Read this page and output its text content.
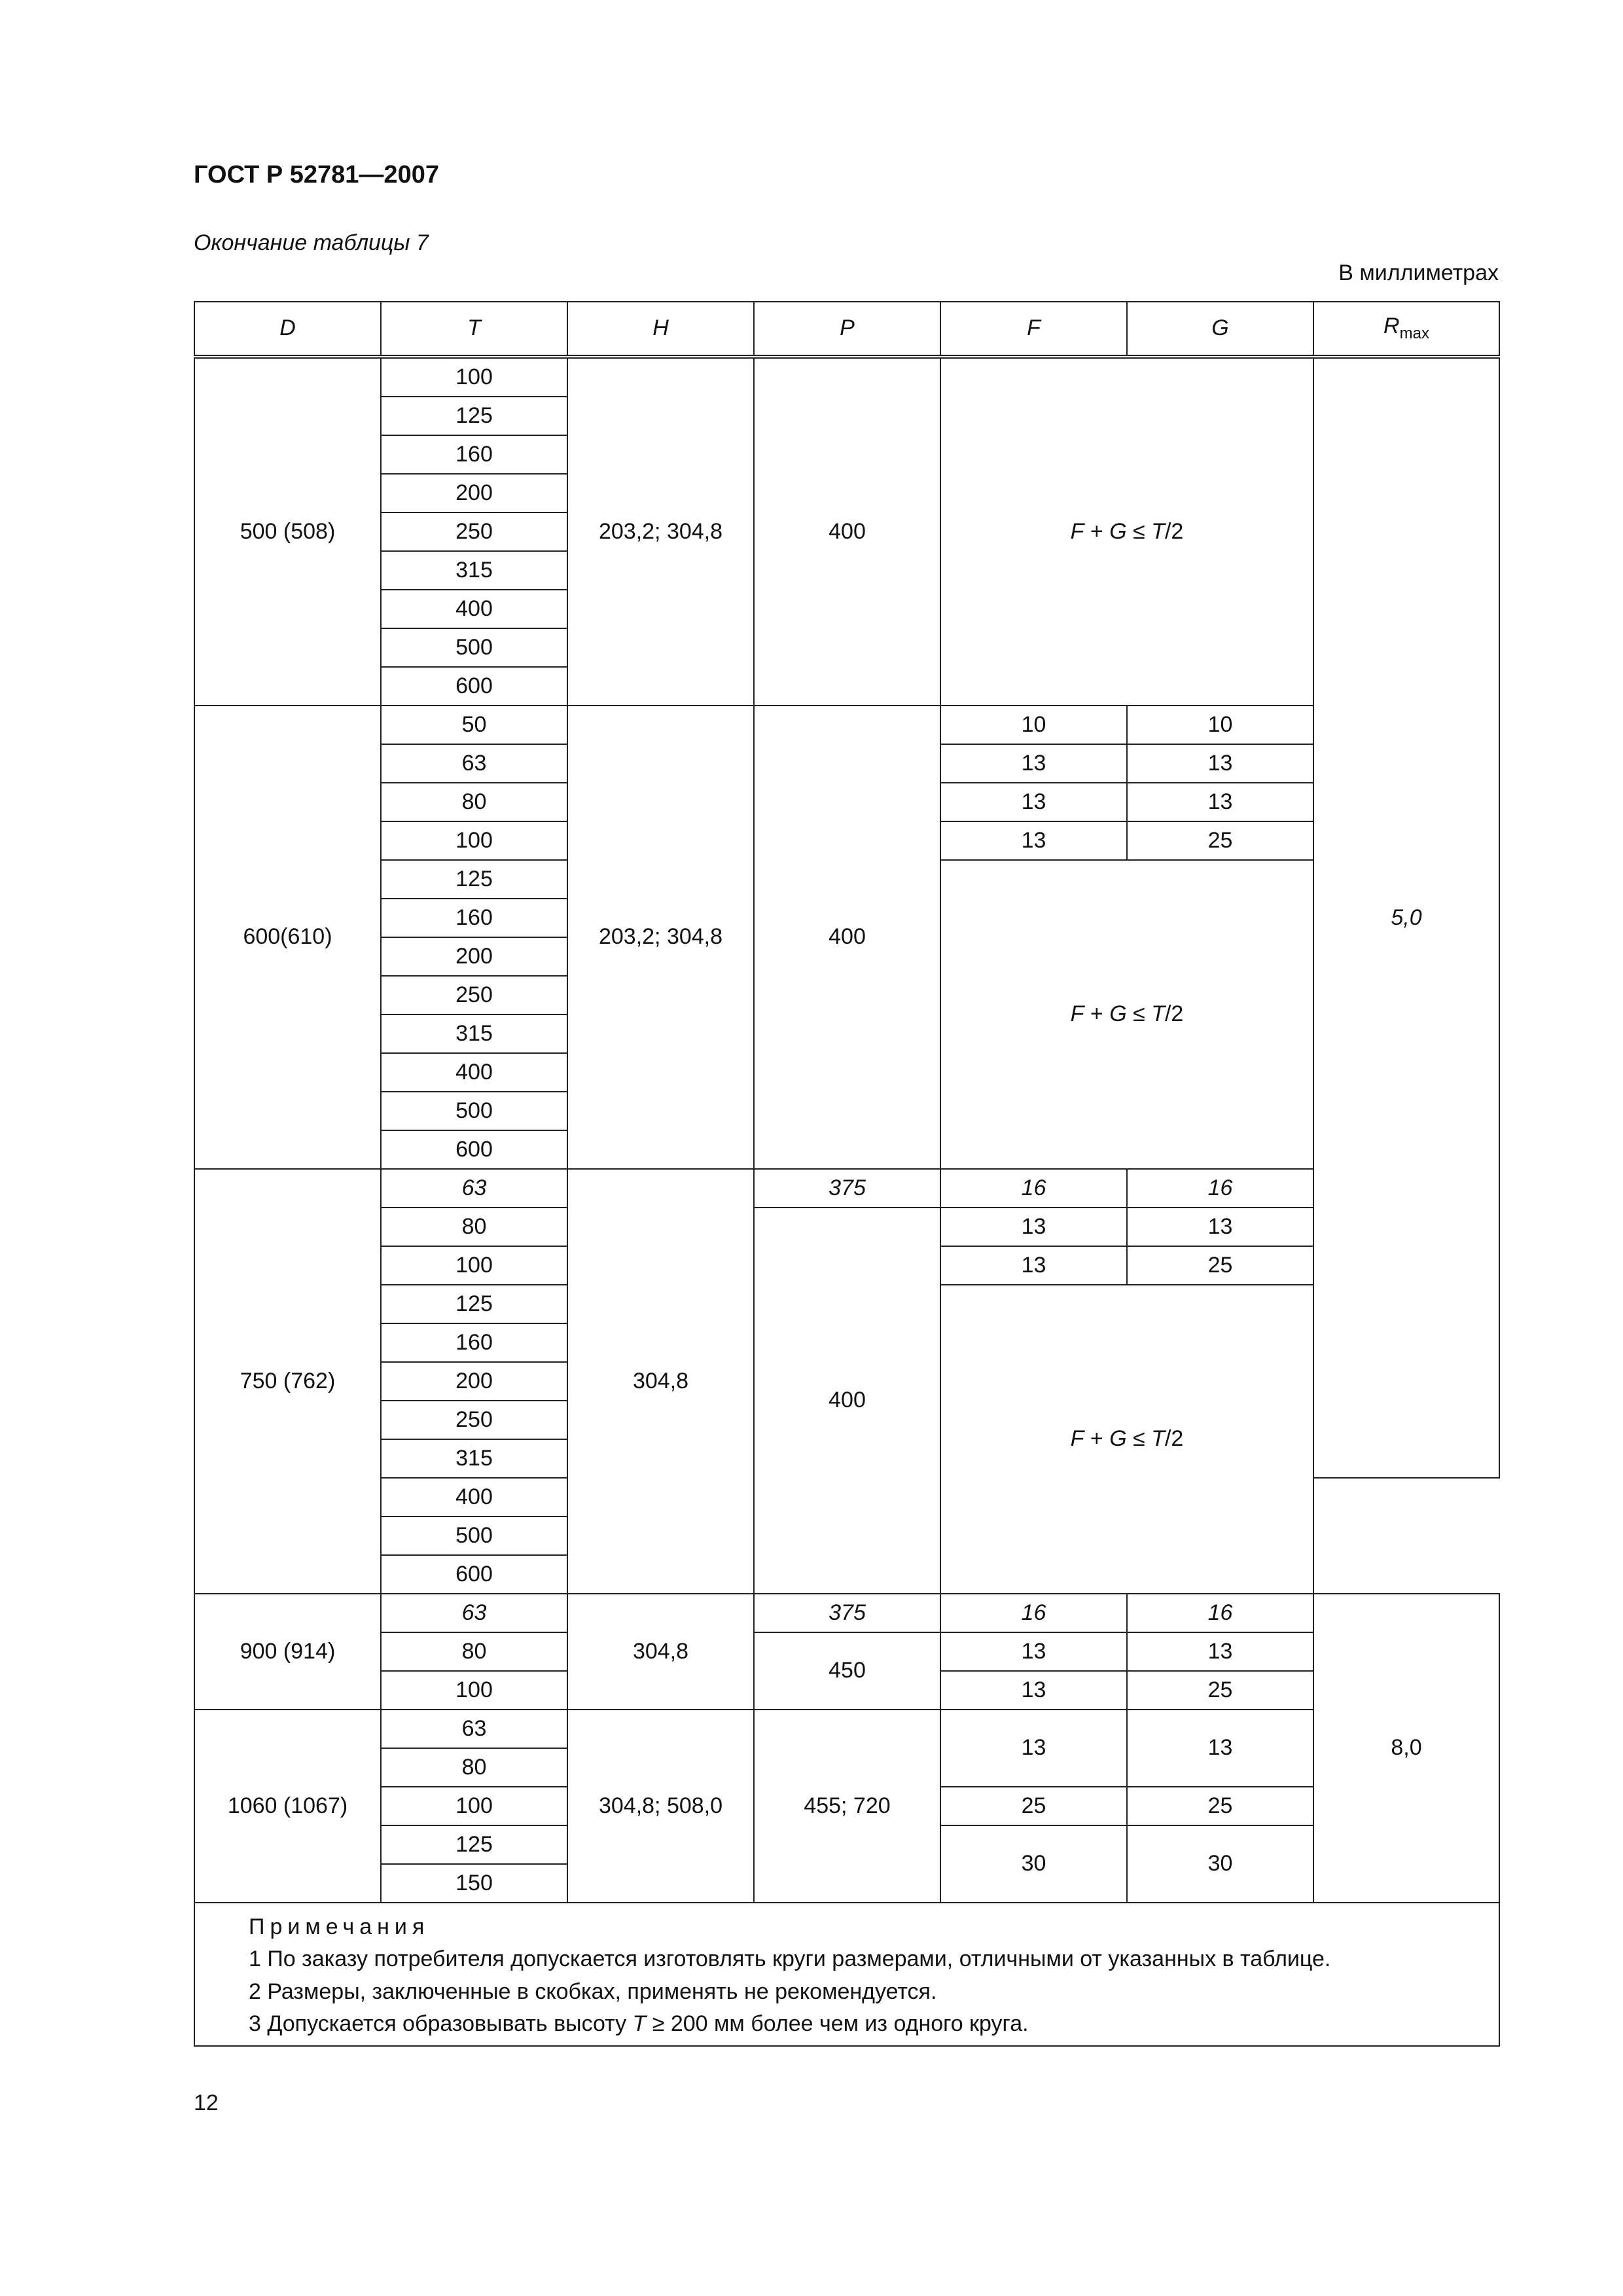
ГОСТ Р 52781—2007
Окончание таблицы 7
В миллиметрах
D	T	H	P	F	G	$R_{max}$
500 (508)	100	203,2; 304,8	400	F + G ≤ T/2		5,0
	125					
	160					
	200					
	250					
	315					
	400					
	500					
	600					
600(610)	50	203,2; 304,8	400	10	10	
	63			13	13	
	80			13	13	
	100			13	25	
	125			F + G ≤ T/2		
	160					
	200					
	250					
	315					
	400					
	500					
	600					
750 (762)	63	304,8	375	16	16	
	80		400	13	13	
	100			13	25	
	125			F + G ≤ T/2		
	160					
	200					
	250					
	315					
	400					
	500					
	600					
900 (914)	63	304,8	375	16	16	8,0
	80		450	13	13	
	100			13	25	
1060 (1067)	63	304,8; 508,0	455; 720	13	13	
	80					
	100			25	25	
	125			30	30	
	150					

Примечания
1 По заказу потребителя допускается изготовлять круги размерами, отличными от указанных в таблице.
2 Размеры, заключенные в скобках, применять не рекомендуется.
3 Допускается образовывать высоту T ≥ 200 мм более чем из одного круга.						
12
